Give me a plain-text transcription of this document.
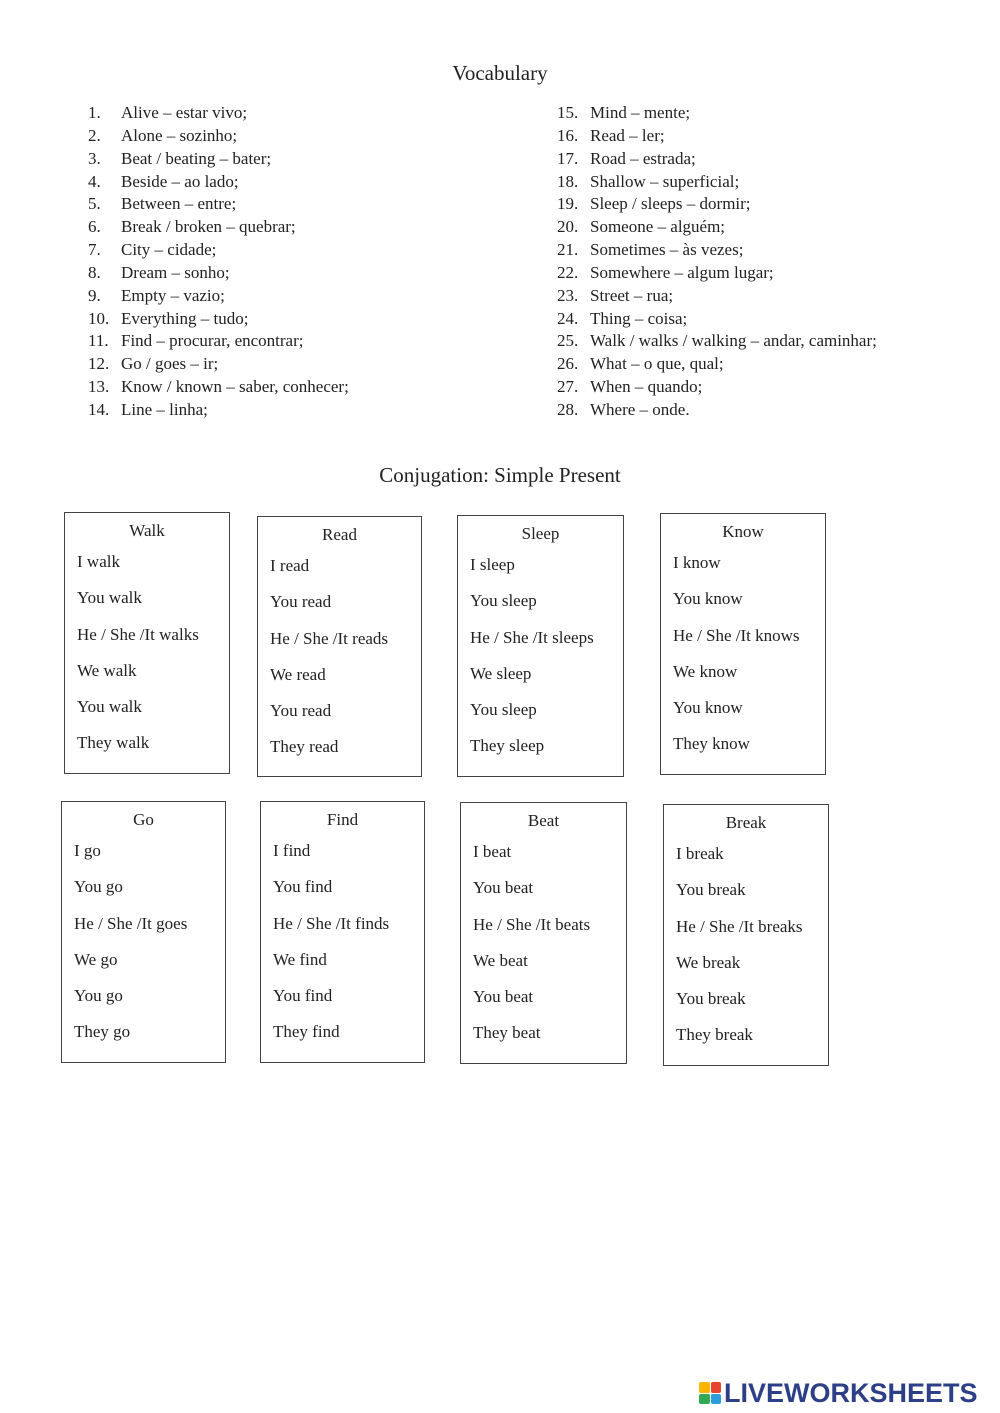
Vocabulary
1. Alive – estar vivo;
2. Alone – sozinho;
3. Beat / beating – bater;
4. Beside – ao lado;
5. Between – entre;
6. Break / broken – quebrar;
7. City – cidade;
8. Dream – sonho;
9. Empty – vazio;
10. Everything – tudo;
11. Find – procurar, encontrar;
12. Go / goes – ir;
13. Know / known – saber, conhecer;
14. Line – linha;
15. Mind – mente;
16. Read – ler;
17. Road – estrada;
18. Shallow – superficial;
19. Sleep / sleeps – dormir;
20. Someone – alguém;
21. Sometimes – às vezes;
22. Somewhere – algum lugar;
23. Street – rua;
24. Thing – coisa;
25. Walk / walks / walking – andar, caminhar;
26. What – o que, qual;
27. When – quando;
28. Where – onde.
Conjugation: Simple Present
Walk
I walk
You walk
He / She /It walks
We walk
You walk
They walk
Read
I read
You read
He / She /It reads
We read
You read
They read
Sleep
I sleep
You sleep
He / She /It sleeps
We sleep
You sleep
They sleep
Know
I know
You know
He / She /It knows
We know
You know
They know
Go
I go
You go
He / She /It goes
We go
You go
They go
Find
I find
You find
He / She /It finds
We find
You find
They find
Beat
I beat
You beat
He / She /It beats
We beat
You beat
They beat
Break
I break
You break
He / She /It breaks
We break
You break
They break
LIVEWORKSHEETS
